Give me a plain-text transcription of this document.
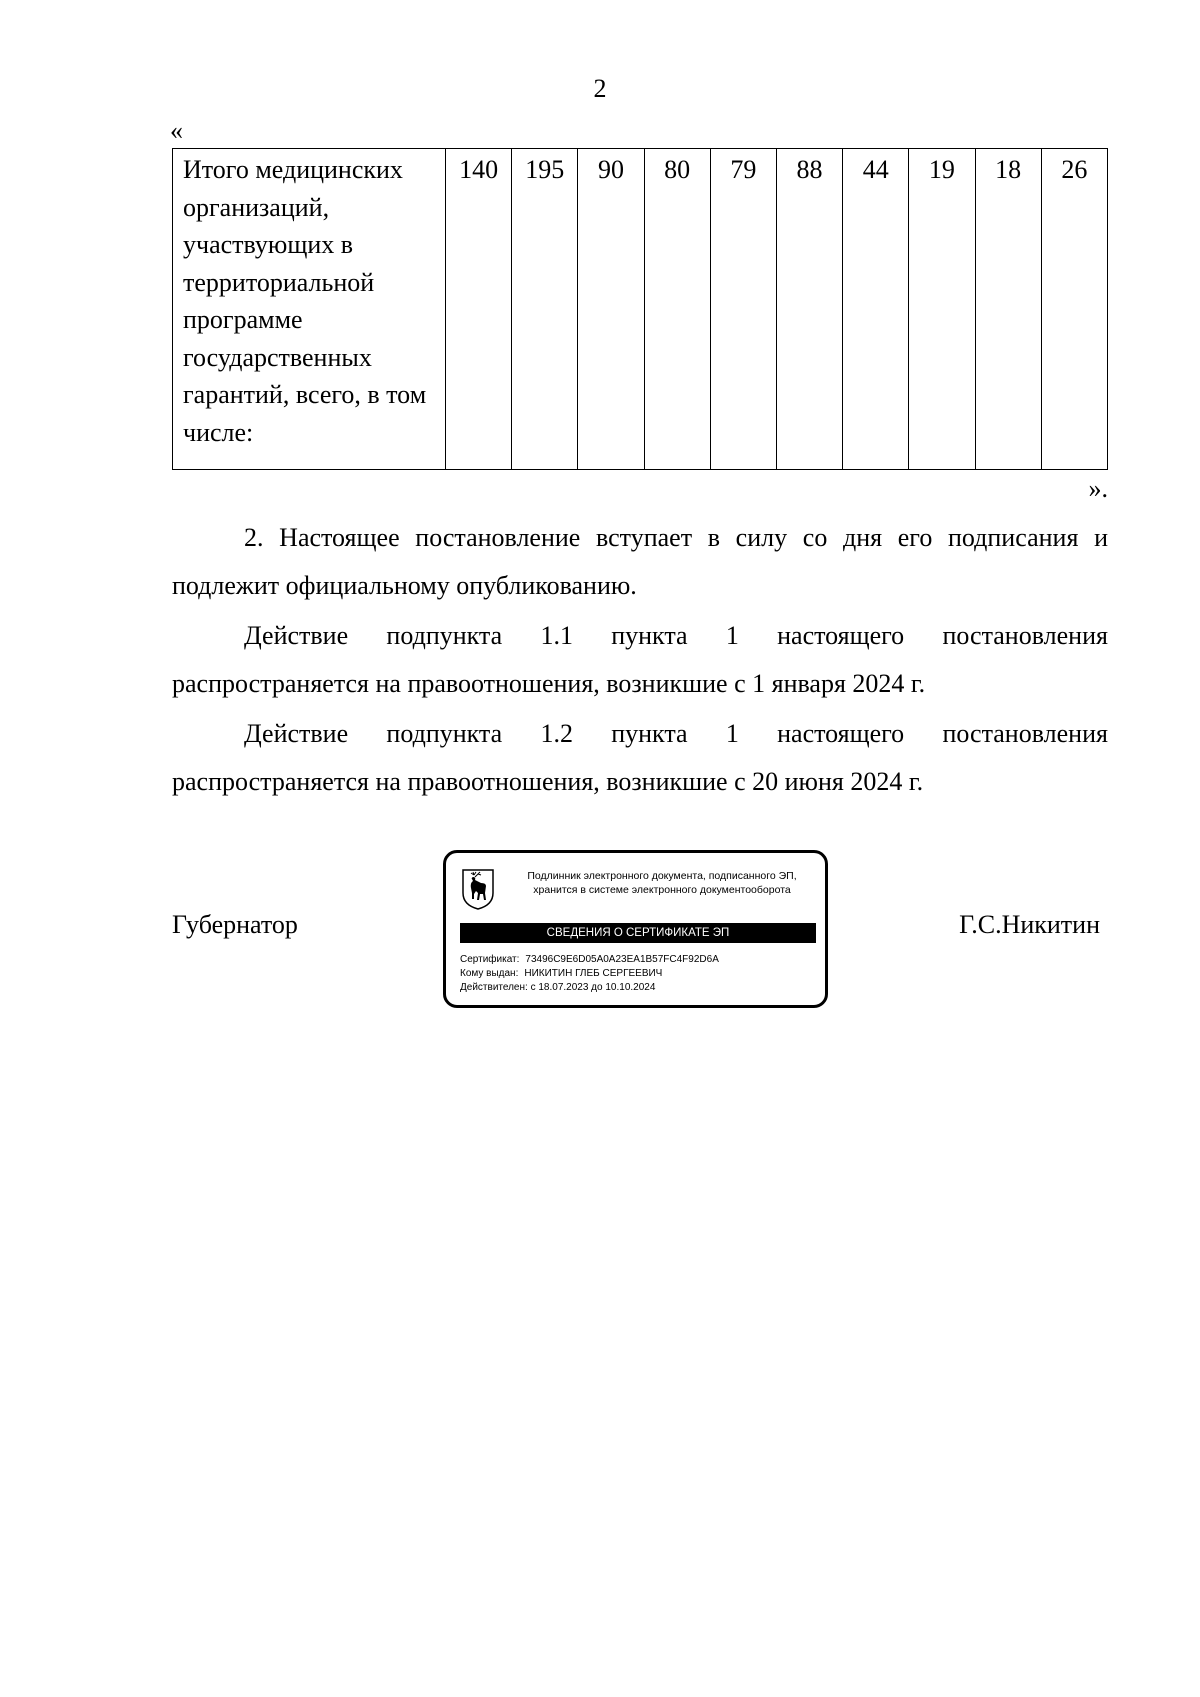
2
«
Итого медицинских организаций, участвующих в территориальной программе государственных гарантий, всего, в том числе:	140	195	90	80	79	88	44	19	18	26
».
2. Настоящее постановление вступает в силу со дня его подписания и подлежит официальному опубликованию.
Действие подпункта 1.1 пункта 1 настоящего постановления
распространяется на правоотношения, возникшие с 1 января 2024 г.
Действие подпункта 1.2 пункта 1 настоящего постановления
распространяется на правоотношения, возникшие с 20 июня 2024 г.
Губернатор	Г.С.Никитин
Подлинник электронного документа, подписанного ЭП,
хранится в системе электронного документооборота
СВЕДЕНИЯ О СЕРТИФИКАТЕ ЭП
Сертификат: 73496C9E6D05A0A23EA1B57FC4F92D6A
Кому выдан: НИКИТИН ГЛЕБ СЕРГЕЕВИЧ
Действителен: с 18.07.2023 до 10.10.2024
